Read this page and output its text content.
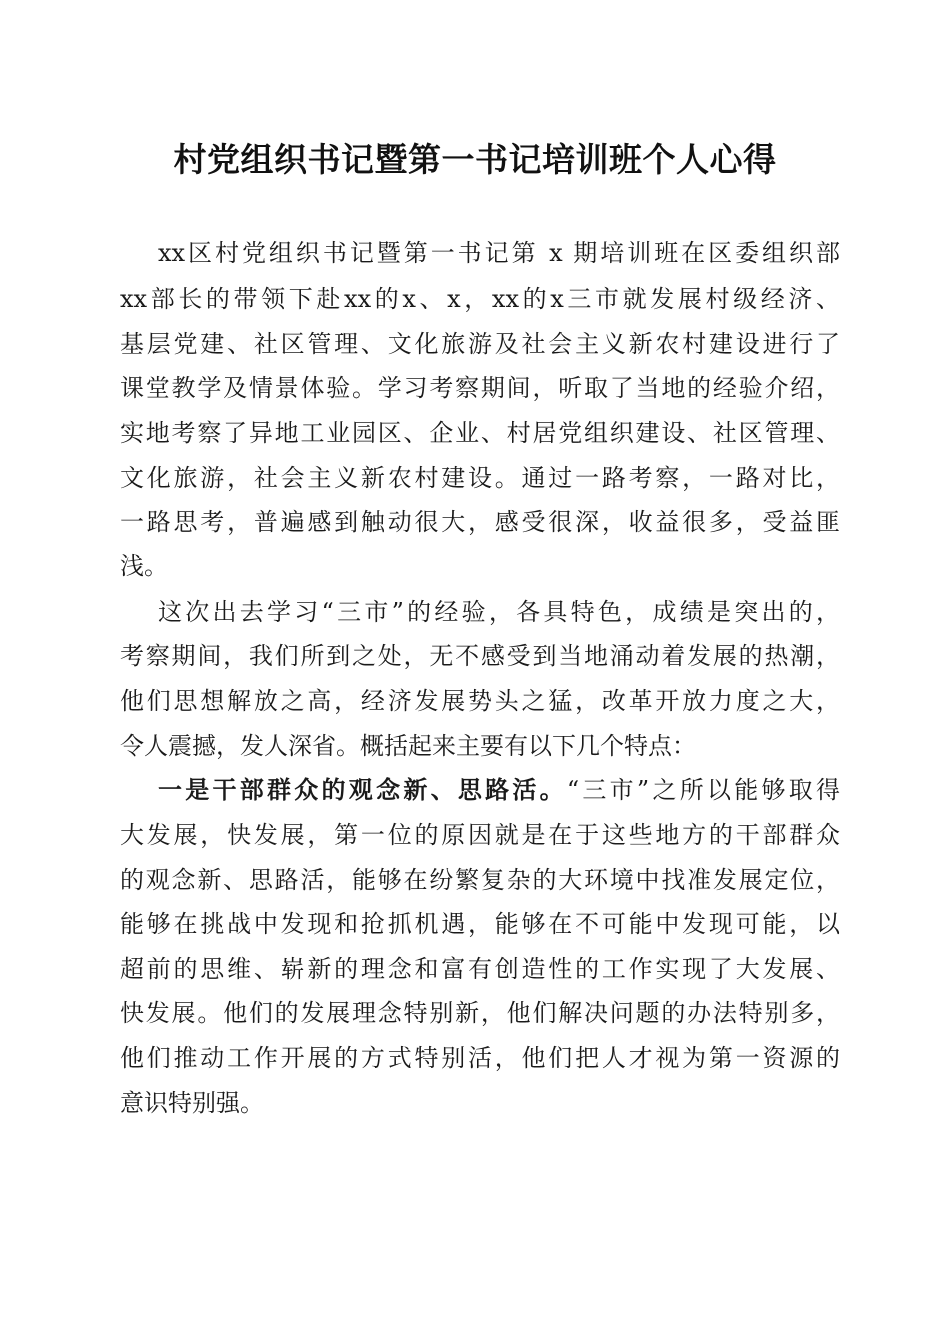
村党组织书记暨第一书记培训班个人心得
xx区村党组织书记暨第一书记第 x 期培训班在区委组织部
xx部长的带领下赴xx的x、x，xx的x三市就发展村级经济、
基层党建、社区管理、文化旅游及社会主义新农村建设进行了
课堂教学及情景体验。学习考察期间，听取了当地的经验介绍，
实地考察了异地工业园区、企业、村居党组织建设、社区管理、
文化旅游，社会主义新农村建设。通过一路考察，一路对比，
一路思考，普遍感到触动很大，感受很深，收益很多，受益匪
浅。
这次出去学习“三市”的经验，各具特色，成绩是突出的，
考察期间，我们所到之处，无不感受到当地涌动着发展的热潮，
他们思想解放之高，经济发展势头之猛，改革开放力度之大，
令人震撼，发人深省。概括起来主要有以下几个特点：
一是干部群众的观念新、思路活。“三市”之所以能够取得
大发展，快发展，第一位的原因就是在于这些地方的干部群众
的观念新、思路活，能够在纷繁复杂的大环境中找准发展定位，
能够在挑战中发现和抢抓机遇，能够在不可能中发现可能，以
超前的思维、崭新的理念和富有创造性的工作实现了大发展、
快发展。他们的发展理念特别新，他们解决问题的办法特别多，
他们推动工作开展的方式特别活，他们把人才视为第一资源的
意识特别强。
